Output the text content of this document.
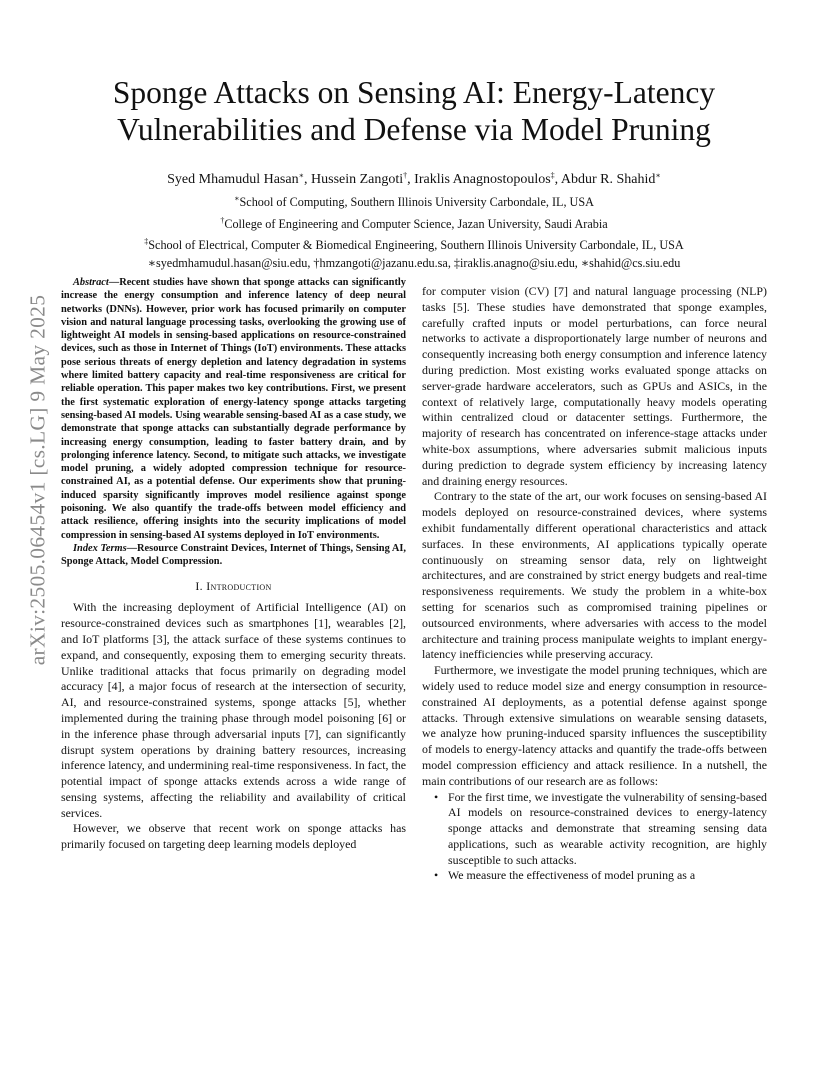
arXiv:2505.06454v1 [cs.LG] 9 May 2025
Sponge Attacks on Sensing AI: Energy-Latency
Vulnerabilities and Defense via Model Pruning
Syed Mhamudul Hasan∗, Hussein Zangoti†, Iraklis Anagnostopoulos‡, Abdur R. Shahid∗
∗School of Computing, Southern Illinois University Carbondale, IL, USA
†College of Engineering and Computer Science, Jazan University, Saudi Arabia
‡School of Electrical, Computer & Biomedical Engineering, Southern Illinois University Carbondale, IL, USA
∗syedmhamudul.hasan@siu.edu, †hmzangoti@jazanu.edu.sa, ‡iraklis.anagno@siu.edu, ∗shahid@cs.siu.edu

Abstract—Recent studies have shown that sponge attacks can significantly increase the energy consumption and inference latency of deep neural networks (DNNs). However, prior work has focused primarily on computer vision and natural language processing tasks, overlooking the growing use of lightweight AI models in sensing-based applications on resource-constrained devices, such as those in Internet of Things (IoT) environments. These attacks pose serious threats of energy depletion and latency degradation in systems where limited battery capacity and real-time responsiveness are critical for reliable operation. This paper makes two key contributions. First, we present the first systematic exploration of energy-latency sponge attacks targeting sensing-based AI models. Using wearable sensing-based AI as a case study, we demonstrate that sponge attacks can substantially degrade performance by increasing energy consumption, leading to faster battery drain, and by prolonging inference latency. Second, to mitigate such attacks, we investigate model pruning, a widely adopted compression technique for resource-constrained AI, as a potential defense. Our experiments show that pruning-induced sparsity significantly improves model resilience against sponge poisoning. We also quantify the trade-offs between model efficiency and attack resilience, offering insights into the security implications of model compression in sensing-based AI systems deployed in IoT environments.

Index Terms—Resource Constraint Devices, Internet of Things, Sensing AI, Sponge Attack, Model Compression.

I. Introduction

With the increasing deployment of Artificial Intelligence (AI) on resource-constrained devices such as smartphones [1], wearables [2], and IoT platforms [3], the attack surface of these systems continues to expand, and consequently, exposing them to emerging security threats. Unlike traditional attacks that focus primarily on degrading model accuracy [4], a major focus of research at the intersection of security, AI, and resource-constrained systems, sponge attacks [5], whether implemented during the training phase through model poisoning [6] or in the inference phase through adversarial inputs [7], can significantly disrupt system operations by draining battery resources, increasing inference latency, and undermining real-time responsiveness. In fact, the potential impact of sponge attacks extends across a wide range of sensing systems, affecting the reliability and availability of critical services.

However, we observe that recent work on sponge attacks has primarily focused on targeting deep learning models deployed

for computer vision (CV) [7] and natural language processing (NLP) tasks [5]. These studies have demonstrated that sponge examples, carefully crafted inputs or model perturbations, can force neural networks to activate a disproportionately large number of neurons and consequently increasing both energy consumption and inference latency during prediction. Most existing works evaluated sponge attacks on server-grade hardware accelerators, such as GPUs and ASICs, in the context of relatively large, computationally heavy models operating within centralized cloud or datacenter settings. Furthermore, the majority of research has concentrated on inference-stage attacks under white-box assumptions, where adversaries submit malicious inputs during prediction to degrade system efficiency by increasing latency and draining energy resources.

Contrary to the state of the art, our work focuses on sensing-based AI models deployed on resource-constrained devices, where systems exhibit fundamentally different operational characteristics and attack surfaces. In these environments, AI applications typically operate continuously on streaming sensor data, rely on lightweight architectures, and are constrained by strict energy budgets and real-time responsiveness requirements. We study the problem in a white-box setting for scenarios such as compromised training pipelines or outsourced environments, where adversaries with access to the model architecture and training process manipulate weights to implant energy-latency inefficiencies while preserving accuracy.

Furthermore, we investigate the model pruning techniques, which are widely used to reduce model size and energy consumption in resource-constrained AI deployments, as a potential defense against sponge attacks. Through extensive simulations on wearable sensing datasets, we analyze how pruning-induced sparsity influences the susceptibility of models to energy-latency attacks and quantify the trade-offs between model compression efficiency and attack resilience. In a nutshell, the main contributions of our research are as follows:

• For the first time, we investigate the vulnerability of sensing-based AI models on resource-constrained devices to energy-latency sponge attacks and demonstrate that streaming sensing data applications, such as wearable activity recognition, are highly susceptible to such attacks.
• We measure the effectiveness of model pruning as a
